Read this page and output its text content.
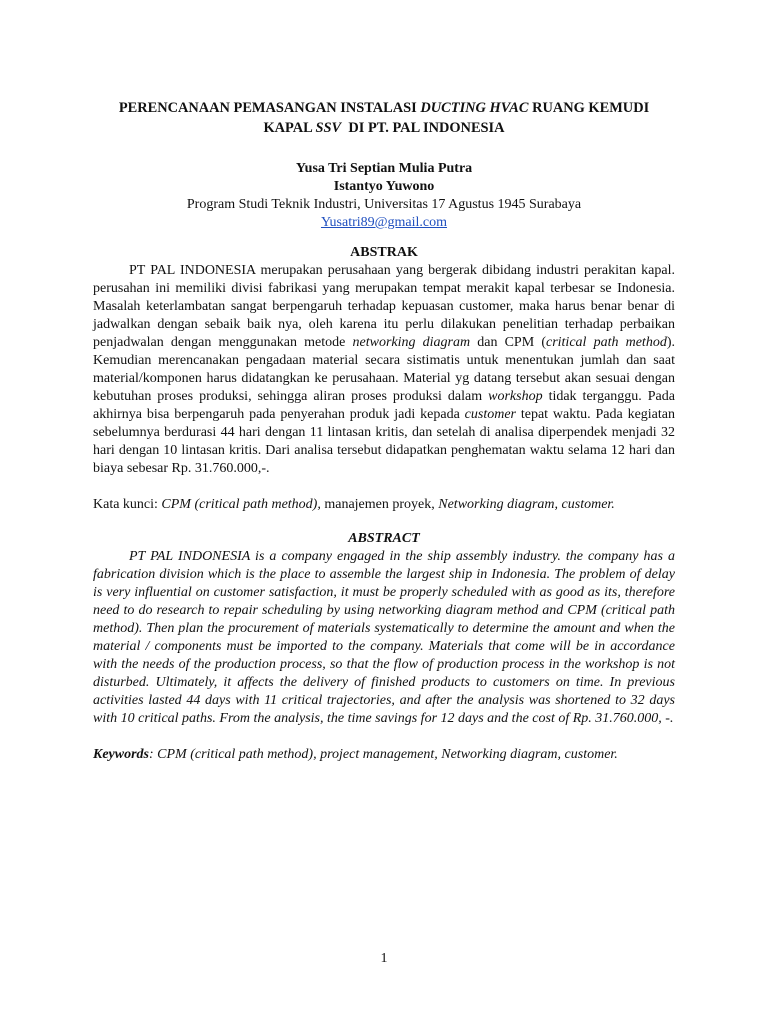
PERENCANAAN PEMASANGAN INSTALASI DUCTING HVAC RUANG KEMUDI
KAPAL SSV  DI PT. PAL INDONESIA
Yusa Tri Septian Mulia Putra
Istantyo Yuwono
Program Studi Teknik Industri, Universitas 17 Agustus 1945 Surabaya
Yusatri89@gmail.com
ABSTRAK

PT PAL INDONESIA merupakan perusahaan yang bergerak dibidang industri perakitan kapal. perusahan ini memiliki divisi fabrikasi yang merupakan tempat merakit kapal terbesar se Indonesia. Masalah keterlambatan sangat berpengaruh terhadap kepuasan customer, maka harus benar benar di jadwalkan dengan sebaik baik nya, oleh karena itu perlu dilakukan penelitian terhadap perbaikan penjadwalan dengan menggunakan metode networking diagram dan CPM (critical path method). Kemudian merencanakan pengadaan material secara sistimatis untuk menentukan jumlah dan saat material/komponen harus didatangkan ke perusahaan. Material yg datang tersebut akan sesuai dengan kebutuhan proses produksi, sehingga aliran proses produksi dalam workshop tidak terganggu. Pada akhirnya bisa berpengaruh pada penyerahan produk jadi kepada customer tepat waktu. Pada kegiatan sebelumnya berdurasi 44 hari dengan 11 lintasan kritis, dan setelah di analisa diperpendek menjadi 32 hari dengan 10 lintasan kritis. Dari analisa tersebut didapatkan penghematan waktu selama 12 hari dan biaya sebesar Rp. 31.760.000,-.

Kata kunci: CPM (critical path method), manajemen proyek, Networking diagram, customer.
ABSTRACT

PT PAL INDONESIA is a company engaged in the ship assembly industry. the company has a fabrication division which is the place to assemble the largest ship in Indonesia. The problem of delay is very influential on customer satisfaction, it must be properly scheduled with as good as its, therefore need to do research to repair scheduling by using networking diagram method and CPM (critical path method). Then plan the procurement of materials systematically to determine the amount and when the material / components must be imported to the company. Materials that come will be in accordance with the needs of the production process, so that the flow of production process in the workshop is not disturbed. Ultimately, it affects the delivery of finished products to customers on time. In previous activities lasted 44 days with 11 critical trajectories, and after the analysis was shortened to 32 days with 10 critical paths. From the analysis, the time savings for 12 days and the cost of Rp. 31.760.000, -.

Keywords: CPM (critical path method), project management, Networking diagram, customer.
1
